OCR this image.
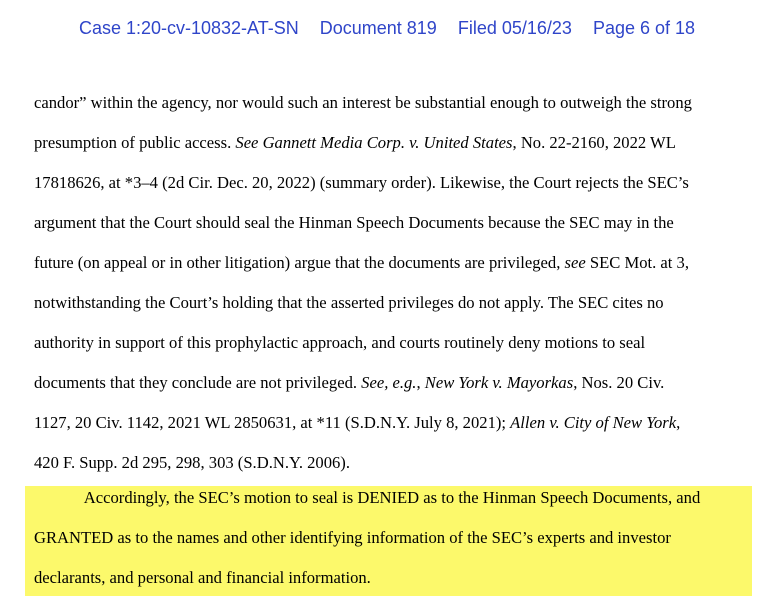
Case 1:20-cv-10832-AT-SN Document 819 Filed 05/16/23 Page 6 of 18
candor” within the agency, nor would such an interest be substantial enough to outweigh the strong
presumption of public access. See Gannett Media Corp. v. United States, No. 22-2160, 2022 WL
17818626, at *3–4 (2d Cir. Dec. 20, 2022) (summary order). Likewise, the Court rejects the SEC’s
argument that the Court should seal the Hinman Speech Documents because the SEC may in the
future (on appeal or in other litigation) argue that the documents are privileged, see SEC Mot. at 3,
notwithstanding the Court’s holding that the asserted privileges do not apply. The SEC cites no
authority in support of this prophylactic approach, and courts routinely deny motions to seal
documents that they conclude are not privileged. See, e.g., New York v. Mayorkas, Nos. 20 Civ.
1127, 20 Civ. 1142, 2021 WL 2850631, at *11 (S.D.N.Y. July 8, 2021); Allen v. City of New York,
420 F. Supp. 2d 295, 298, 303 (S.D.N.Y. 2006).
   Accordingly, the SEC’s motion to seal is DENIED as to the Hinman Speech Documents, and
GRANTED as to the names and other identifying information of the SEC’s experts and investor
declarants, and personal and financial information.
